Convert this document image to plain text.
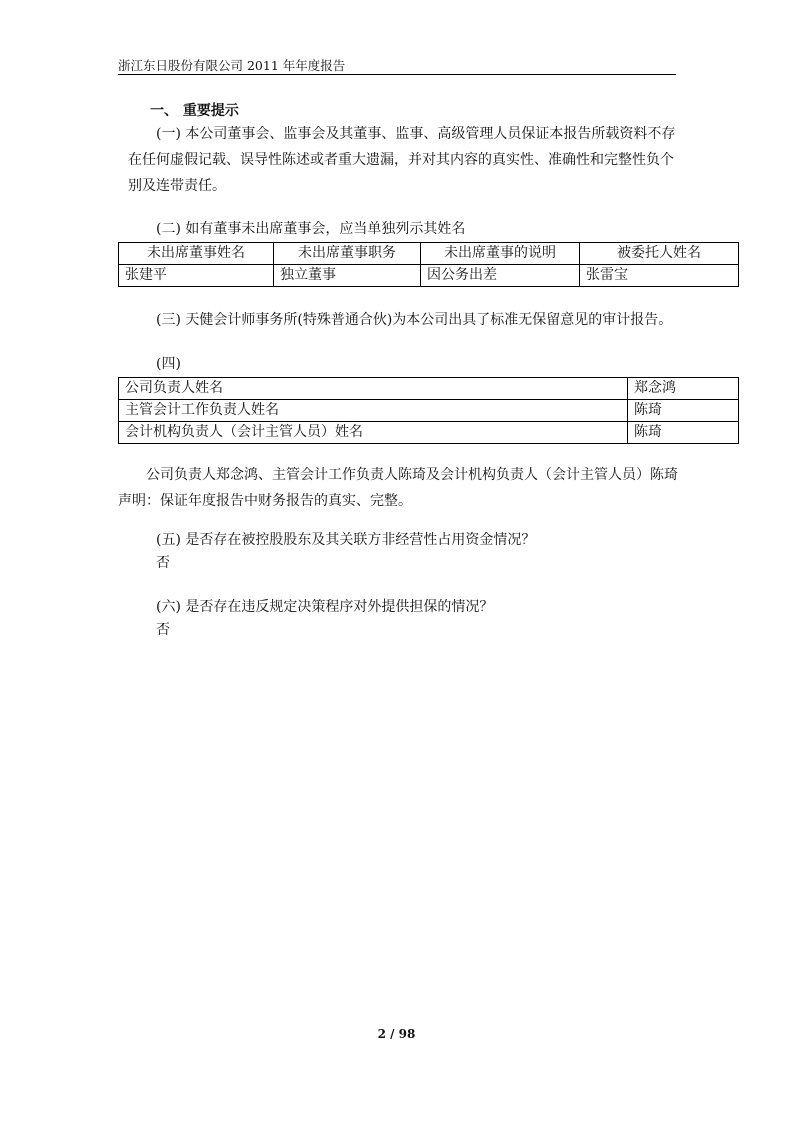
浙江东日股份有限公司 2011 年年度报告
一、 重要提示
(一) 本公司董事会、监事会及其董事、监事、高级管理人员保证本报告所载资料不存
在任何虚假记载、误导性陈述或者重大遗漏，并对其内容的真实性、准确性和完整性负个
别及连带责任。
(二) 如有董事未出席董事会，应当单独列示其姓名
未出席董事姓名	未出席董事职务	未出席董事的说明	被委托人姓名
张建平	独立董事	因公务出差	张雷宝
(三) 天健会计师事务所(特殊普通合伙)为本公司出具了标准无保留意见的审计报告。
(四)
公司负责人姓名	郑念鸿
主管会计工作负责人姓名	陈琦
会计机构负责人（会计主管人员）姓名	陈琦
公司负责人郑念鸿、主管会计工作负责人陈琦及会计机构负责人（会计主管人员）陈琦
声明：保证年度报告中财务报告的真实、完整。
(五) 是否存在被控股股东及其关联方非经营性占用资金情况？
否
(六) 是否存在违反规定决策程序对外提供担保的情况？
否
2 / 98
